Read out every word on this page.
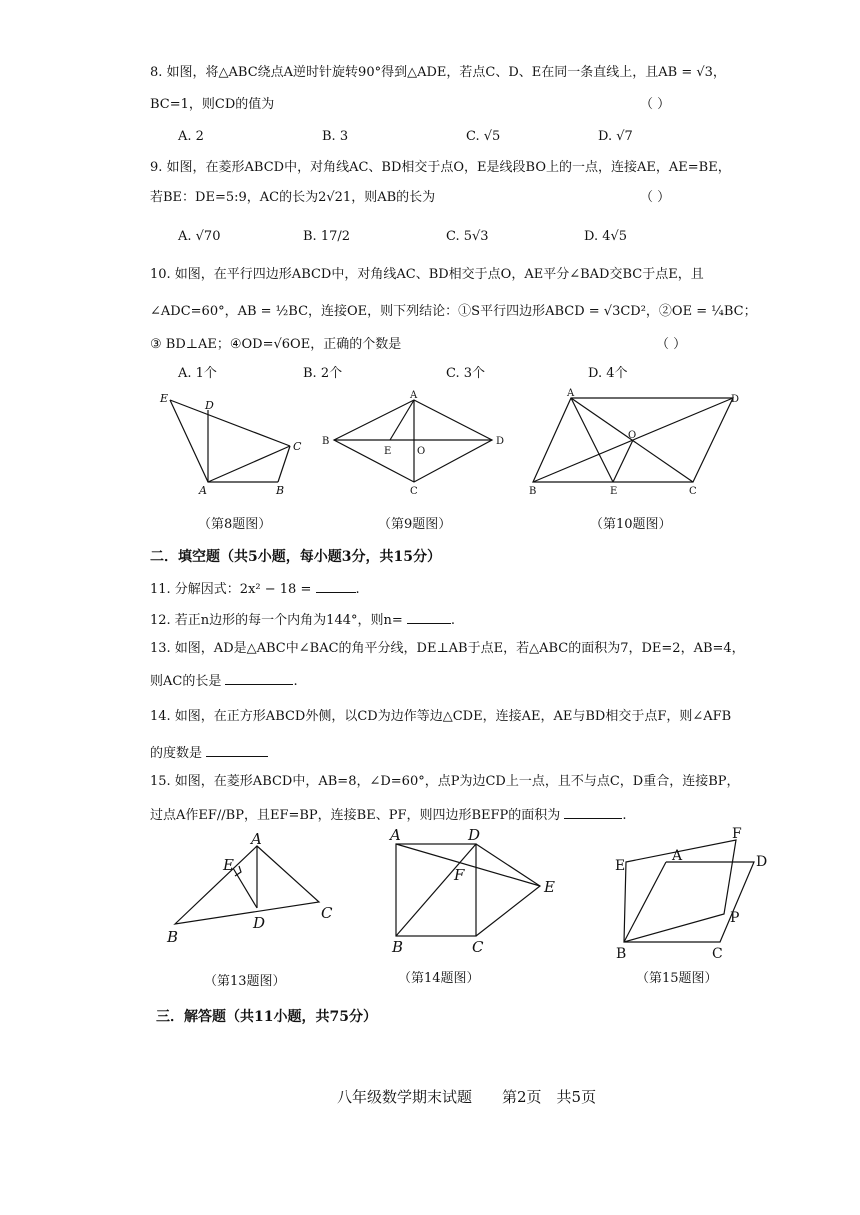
8. 如图，将△ABC绕点A逆时针旋转90°得到△ADE，若点C、D、E在同一条直线上，且AB = √3，
BC=1，则CD的值为	（ ）
A. 2	B. 3	C. √5	D. √7
9. 如图，在菱形ABCD中，对角线AC、BD相交于点O，E是线段BO上的一点，连接AE，AE=BE，
若BE：DE=5:9，AC的长为2√21，则AB的长为	（ ）
A. √70	B. 17/2	C. 5√3	D. 4√5
10. 如图，在平行四边形ABCD中，对角线AC、BD相交于点O，AE平分∠BAD交BC于点E，且
∠ADC=60°，AB = ½BC，连接OE，则下列结论：①S平行四边形ABCD = √3CD²，②OE = ¼BC；
③ BD⊥AE；④OD=√6OE，正确的个数是	（ ）
A. 1个	B. 2个	C. 3个	D. 4个
E
D
C
A	B
A
B
E	O
D
C
A
D
O
B	E	C
（第8题图）	（第9题图）	（第10题图）
二．填空题（共5小题，每小题3分，共15分）
11. 分解因式：2x² − 18 =	.
12. 若正n边形的每一个内角为144°，则n=	.
13. 如图，AD是△ABC中∠BAC的角平分线，DE⊥AB于点E，若△ABC的面积为7，DE=2，AB=4，
则AC的长是	.
14. 如图，在正方形ABCD外侧，以CD为边作等边△CDE，连接AE，AE与BD相交于点F，则∠AFB
的度数是
15. 如图，在菱形ABCD中，AB=8，∠D=60°，点P为边CD上一点，且不与点C，D重合，连接BP，
过点A作EF//BP，且EF=BP，连接BE、PF，则四边形BEFP的面积为	.
A
E
B
D
C
A	D
F
E
B	C
F
E
A	D
P
B	C
（第13题图）	（第14题图）	（第15题图）
三．解答题（共11小题，共75分）
八年级数学期末试题　　第2页　共5页
